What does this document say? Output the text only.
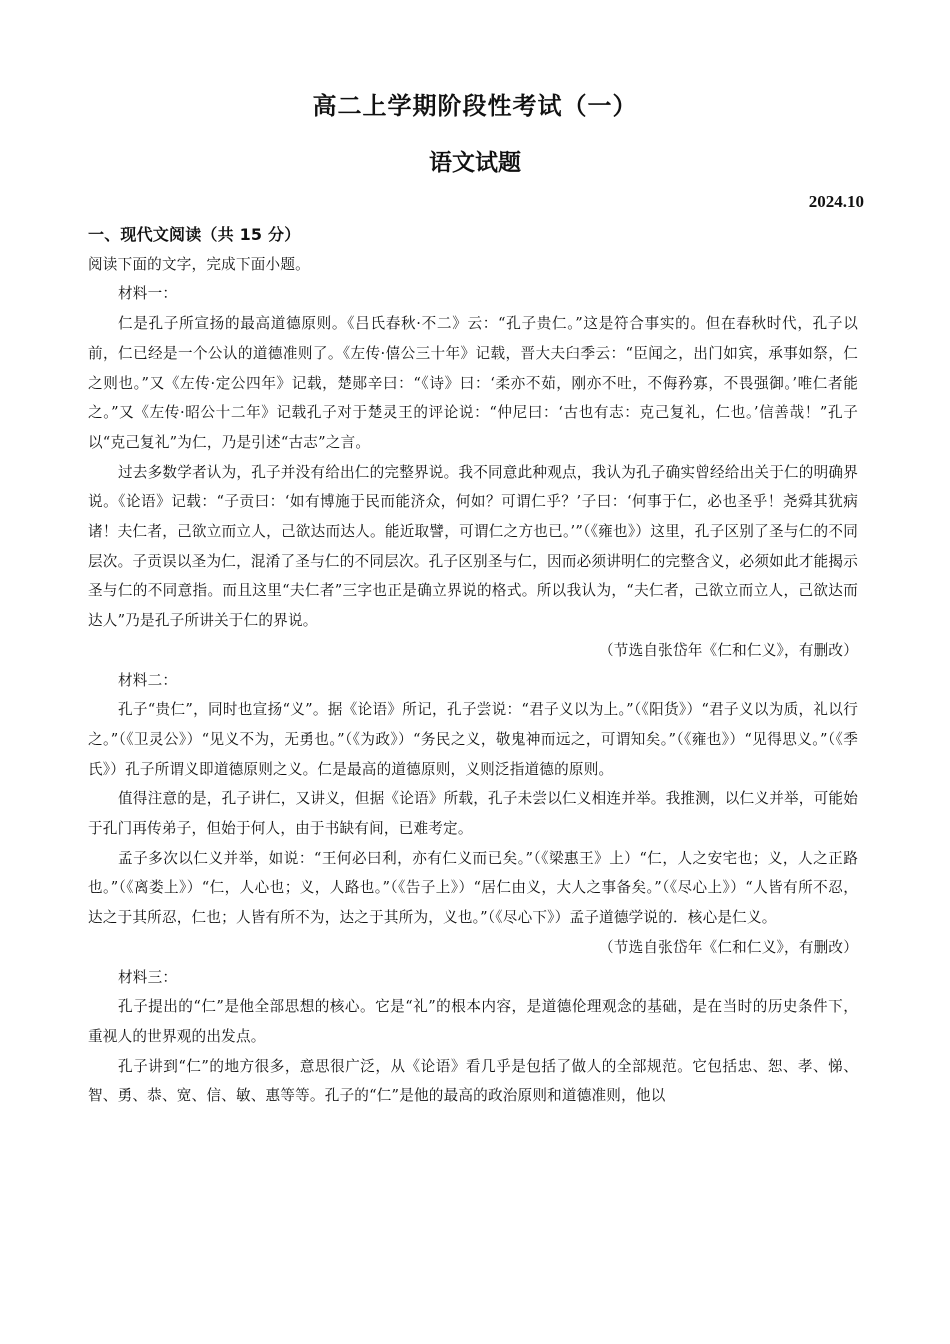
高二上学期阶段性考试（一）
语文试题
2024.10

一、现代文阅读（共 15 分）

阅读下面的文字，完成下面小题。

材料一：

仁是孔子所宣扬的最高道德原则。《吕氏春秋·不二》云：“孔子贵仁。”这是符合事实的。但在春秋时代，孔子以前，仁已经是一个公认的道德准则了。《左传·僖公三十年》记载，晋大夫臼季云：“臣闻之，出门如宾，承事如祭，仁之则也。”又《左传·定公四年》记载，楚郧辛曰：“《诗》曰：‘柔亦不茹，刚亦不吐，不侮矜寡，不畏强御。’唯仁者能之。”又《左传·昭公十二年》记载孔子对于楚灵王的评论说：“仲尼曰：‘古也有志：克己复礼，仁也。’信善哉！”孔子以“克己复礼”为仁，乃是引述“古志”之言。

过去多数学者认为，孔子并没有给出仁的完整界说。我不同意此种观点，我认为孔子确实曾经给出关于仁的明确界说。《论语》记载：“子贡曰：‘如有博施于民而能济众，何如？可谓仁乎？’子曰：‘何事于仁，必也圣乎！尧舜其犹病诸！夫仁者，己欲立而立人，己欲达而达人。能近取譬，可谓仁之方也已。’”（《雍也》）这里，孔子区别了圣与仁的不同层次。子贡误以圣为仁，混淆了圣与仁的不同层次。孔子区别圣与仁，因而必须讲明仁的完整含义，必须如此才能揭示圣与仁的不同意指。而且这里“夫仁者”三字也正是确立界说的格式。所以我认为，“夫仁者，己欲立而立人，己欲达而达人”乃是孔子所讲关于仁的界说。

（节选自张岱年《仁和仁义》，有删改）

材料二：

孔子“贵仁”，同时也宣扬“义”。据《论语》所记，孔子尝说：“君子义以为上。”（《阳货》）“君子义以为质，礼以行之。”（《卫灵公》）“见义不为，无勇也。”（《为政》）“务民之义，敬鬼神而远之，可谓知矣。”（《雍也》）“见得思义。”（《季氏》）孔子所谓义即道德原则之义。仁是最高的道德原则，义则泛指道德的原则。

值得注意的是，孔子讲仁，又讲义，但据《论语》所载，孔子未尝以仁义相连并举。我推测，以仁义并举，可能始于孔门再传弟子，但始于何人，由于书缺有间，已难考定。

孟子多次以仁义并举，如说：“王何必曰利，亦有仁义而已矣。”（《梁惠王》上）“仁，人之安宅也；义，人之正路也。”（《离娄上》）“仁，人心也；义，人路也。”（《告子上》）“居仁由义，大人之事备矣。”（《尽心上》）“人皆有所不忍，达之于其所忍，仁也；人皆有所不为，达之于其所为，义也。”（《尽心下》）孟子道德学说的．核心是仁义。

（节选自张岱年《仁和仁义》，有删改）

材料三：

孔子提出的“仁”是他全部思想的核心。它是“礼”的根本内容，是道德伦理观念的基础，是在当时的历史条件下，重视人的世界观的出发点。

孔子讲到“仁”的地方很多，意思很广泛，从《论语》看几乎是包括了做人的全部规范。它包括忠、恕、孝、悌、智、勇、恭、宽、信、敏、惠等等。孔子的“仁”是他的最高的政治原则和道德准则，他以
